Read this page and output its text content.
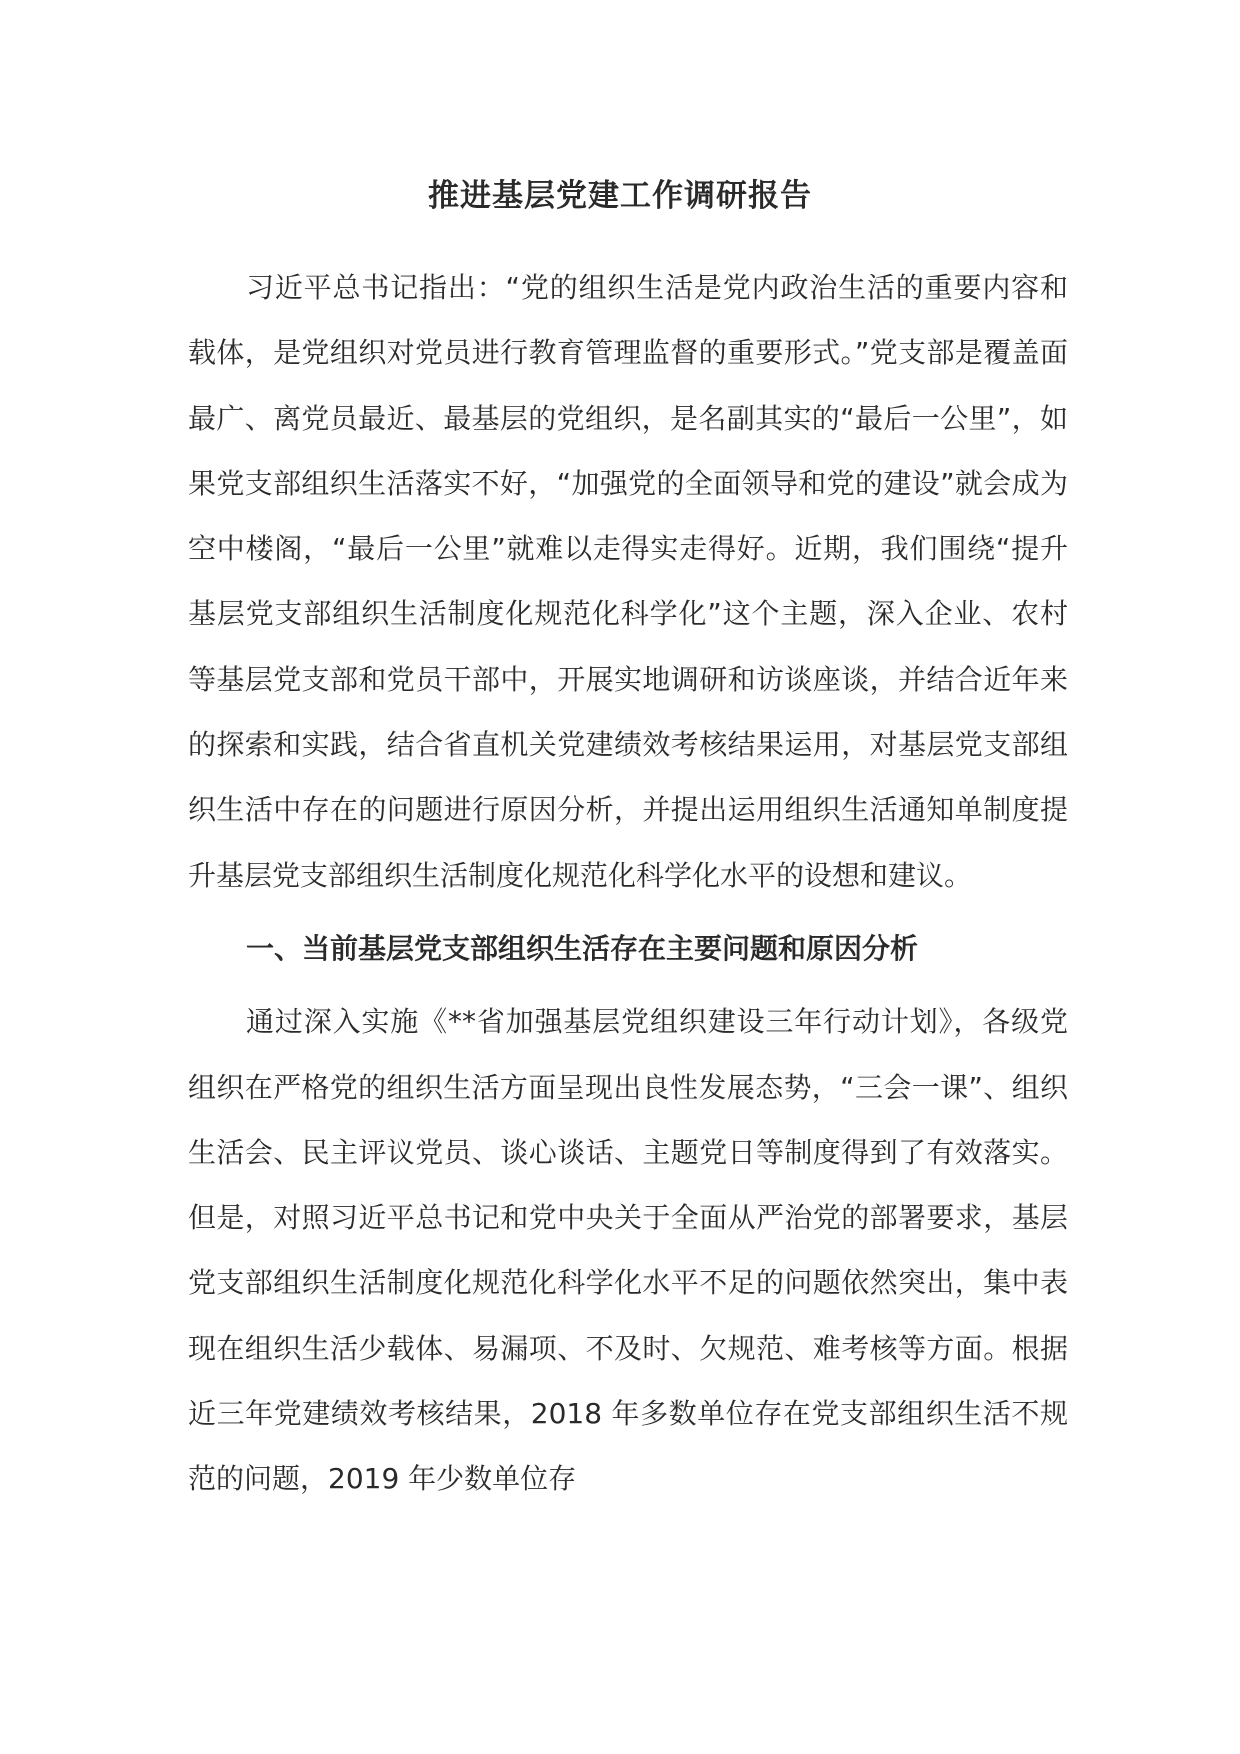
推进基层党建工作调研报告

习近平总书记指出：“党的组织生活是党内政治生活的重要内容和载体，是党组织对党员进行教育管理监督的重要形式。”党支部是覆盖面最广、离党员最近、最基层的党组织，是名副其实的“最后一公里”，如果党支部组织生活落实不好，“加强党的全面领导和党的建设”就会成为空中楼阁，“最后一公里”就难以走得实走得好。近期，我们围绕“提升基层党支部组织生活制度化规范化科学化”这个主题，深入企业、农村等基层党支部和党员干部中，开展实地调研和访谈座谈，并结合近年来的探索和实践，结合省直机关党建绩效考核结果运用，对基层党支部组织生活中存在的问题进行原因分析，并提出运用组织生活通知单制度提升基层党支部组织生活制度化规范化科学化水平的设想和建议。

一、当前基层党支部组织生活存在主要问题和原因分析

通过深入实施《**省加强基层党组织建设三年行动计划》，各级党组织在严格党的组织生活方面呈现出良性发展态势，“三会一课”、组织生活会、民主评议党员、谈心谈话、主题党日等制度得到了有效落实。但是，对照习近平总书记和党中央关于全面从严治党的部署要求，基层党支部组织生活制度化规范化科学化水平不足的问题依然突出，集中表现在组织生活少载体、易漏项、不及时、欠规范、难考核等方面。根据近三年党建绩效考核结果，2018 年多数单位存在党支部组织生活不规范的问题，2019 年少数单位存
